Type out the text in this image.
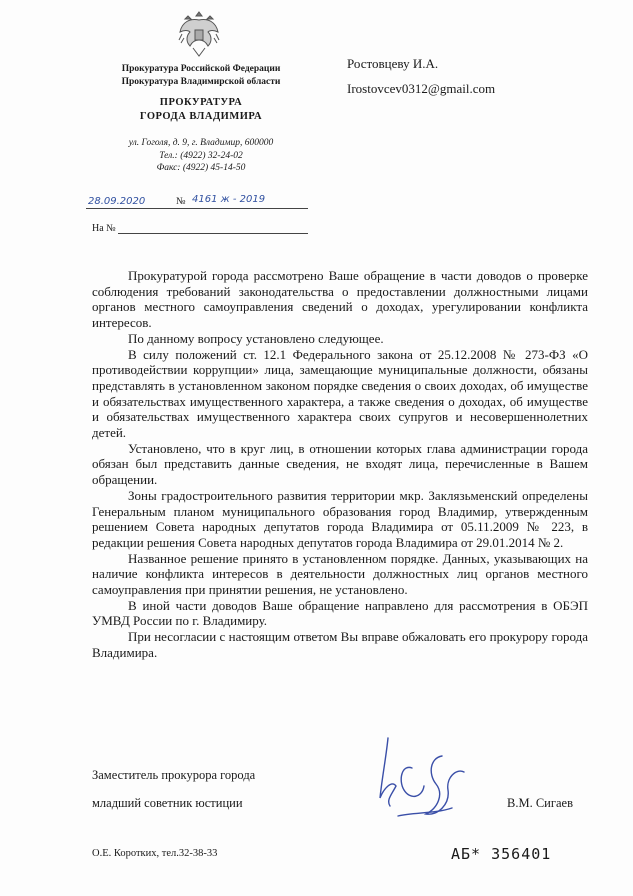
Прокуратура Российской Федерации
Прокуратура Владимирской области
ПРОКУРАТУРА
ГОРОДА ВЛАДИМИРА
ул. Гоголя, д. 9, г. Владимир, 600000
Тел.: (4922) 32-24-02
Факс: (4922) 45-14-50
28.09.2020	№ 4161 ж - 2019
На №
Ростовцеву И.А.
Irostovcev0312@gmail.com

Прокуратурой города рассмотрено Ваше обращение в части доводов о проверке соблюдения требований законодательства о предоставлении должностными лицами органов местного самоуправления сведений о доходах, урегулировании конфликта интересов.

По данному вопросу установлено следующее.

В силу положений ст. 12.1 Федерального закона от 25.12.2008 № 273-ФЗ «О противодействии коррупции» лица, замещающие муниципальные должности, обязаны представлять в установленном законом порядке сведения о своих доходах, об имуществе и обязательствах имущественного характера, а также сведения о доходах, об имуществе и обязательствах имущественного характера своих супругов и несовершеннолетних детей.

Установлено, что в круг лиц, в отношении которых глава администрации города обязан был представить данные сведения, не входят лица, перечисленные в Вашем обращении.

Зоны градостроительного развития территории мкр. Заклязьменский определены Генеральным планом муниципального образования город Владимир, утвержденным решением Совета народных депутатов города Владимира от 05.11.2009 № 223, в редакции решения Совета народных депутатов города Владимира от 29.01.2014 № 2.

Названное решение принято в установленном порядке. Данных, указывающих на наличие конфликта интересов в деятельности должностных лиц органов местного самоуправления при принятии решения, не установлено.

В иной части доводов Ваше обращение направлено для рассмотрения в ОБЭП УМВД России по г. Владимиру.

При несогласии с настоящим ответом Вы вправе обжаловать его прокурору города Владимира.

Заместитель прокурора города
младший советник юстиции	В.М. Сигаев
О.Е. Коротких, тел.32-38-33	АБ* 356401
